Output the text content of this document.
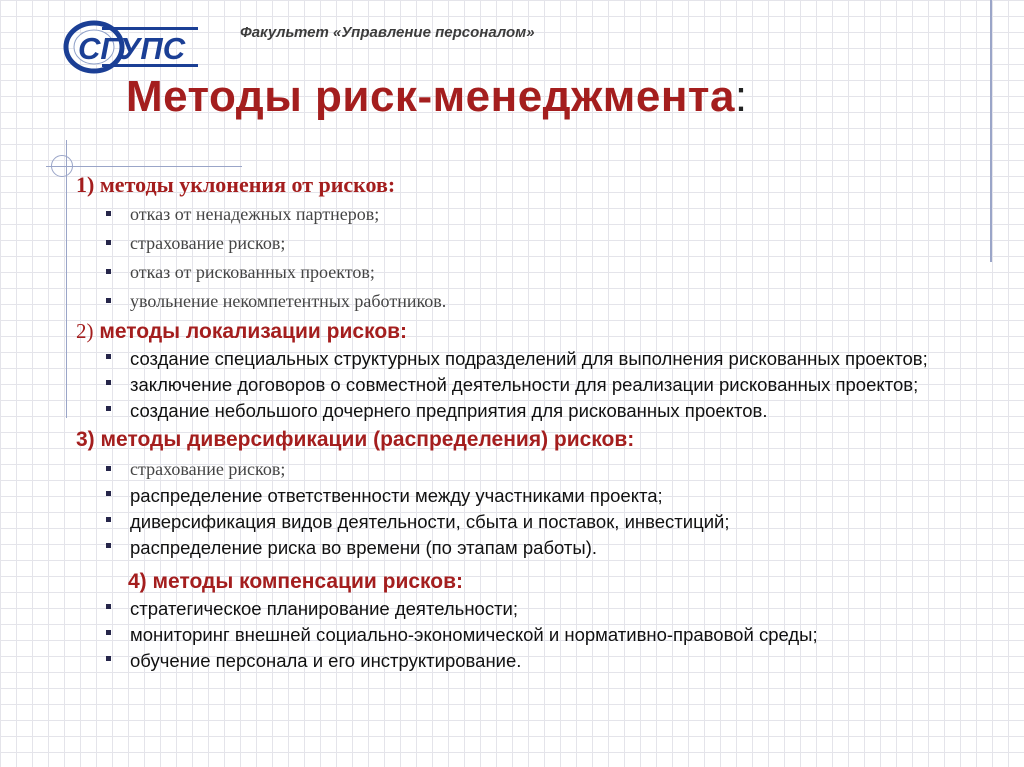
СГУПС	Факультет «Управление персоналом»
Методы риск-менеджмента:
1) методы уклонения от рисков:
отказ от ненадежных партнеров;
страхование рисков;
отказ от рискованных проектов;
увольнение некомпетентных работников.
2) методы локализации рисков:
создание специальных структурных подразделений для выполнения рискованных проектов;
заключение договоров о совместной деятельности для реализации рискованных проектов;
создание небольшого дочернего предприятия для рискованных проектов.
3) методы диверсификации (распределения) рисков:
страхование рисков;
распределение ответственности между участниками проекта;
диверсификация видов деятельности, сбыта и поставок, инвестиций;
распределение риска во времени (по этапам работы).
4) методы компенсации рисков:
стратегическое планирование деятельности;
мониторинг внешней социально-экономической и нормативно-правовой среды;
обучение персонала и его инструктирование.
